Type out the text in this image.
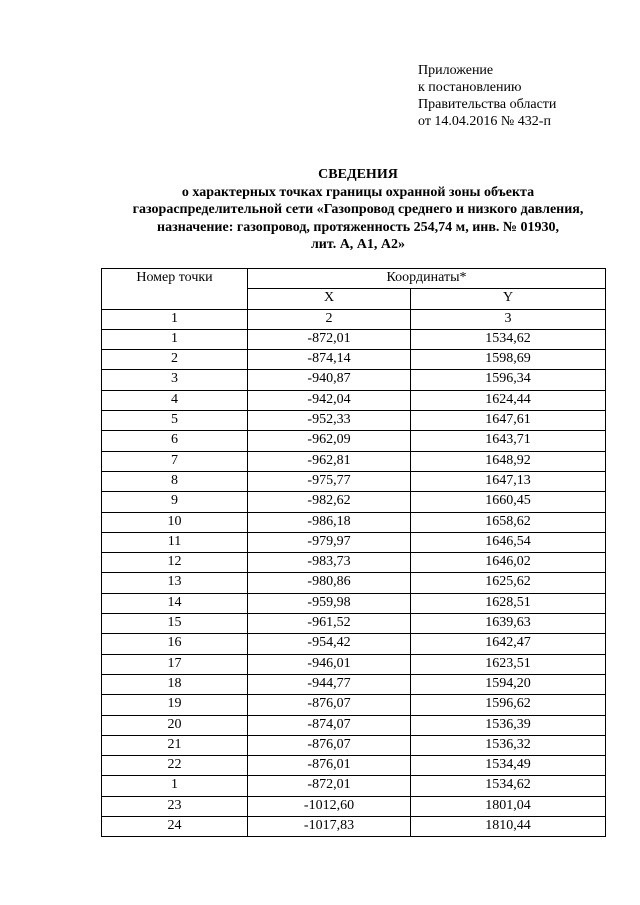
Приложение
к постановлению
Правительства области
от 14.04.2016 № 432-п
СВЕДЕНИЯ
о характерных точках границы охранной зоны объекта
газораспределительной сети «Газопровод среднего и низкого давления,
назначение: газопровод, протяженность 254,74 м, инв. № 01930,
лит. А, А1, А2»
Номер точки	Координаты*	
	X	Y
1	2	3
1	-872,01	1534,62
2	-874,14	1598,69
3	-940,87	1596,34
4	-942,04	1624,44
5	-952,33	1647,61
6	-962,09	1643,71
7	-962,81	1648,92
8	-975,77	1647,13
9	-982,62	1660,45
10	-986,18	1658,62
11	-979,97	1646,54
12	-983,73	1646,02
13	-980,86	1625,62
14	-959,98	1628,51
15	-961,52	1639,63
16	-954,42	1642,47
17	-946,01	1623,51
18	-944,77	1594,20
19	-876,07	1596,62
20	-874,07	1536,39
21	-876,07	1536,32
22	-876,01	1534,49
1	-872,01	1534,62
23	-1012,60	1801,04
24	-1017,83	1810,44
